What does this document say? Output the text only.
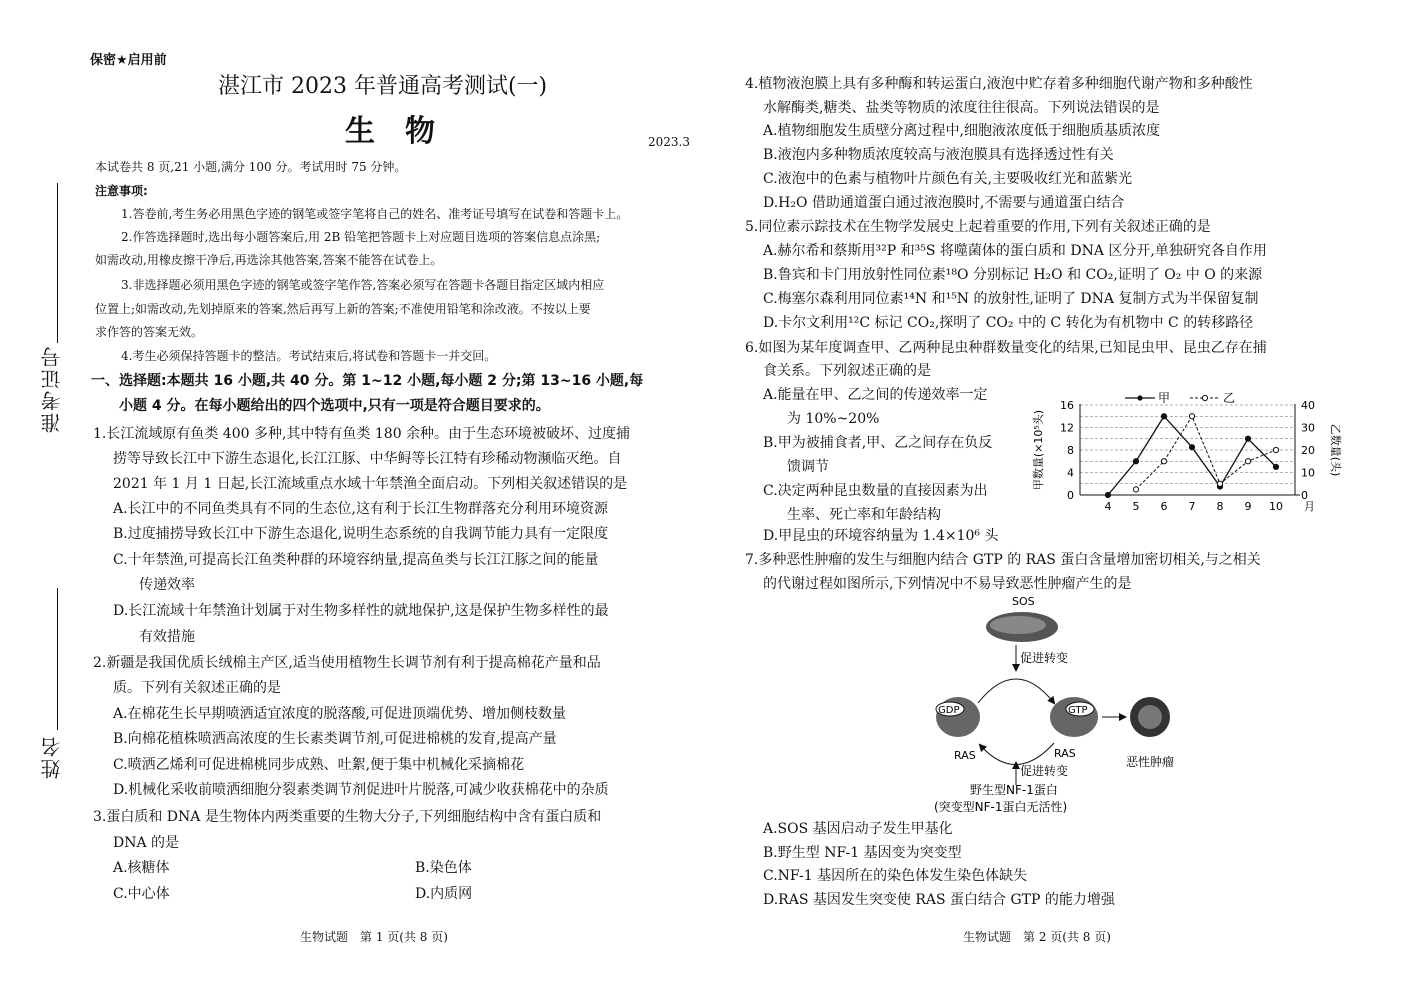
保密★启用前
湛江市 2023 年普通高考测试(一)
生　物	2023.3
本试卷共 8 页,21 小题,满分 100 分。考试用时 75 分钟。
注意事项:
1.答卷前,考生务必用黑色字迹的钢笔或签字笔将自己的姓名、准考证号填写在试卷和答题卡上。
2.作答选择题时,选出每小题答案后,用 2B 铅笔把答题卡上对应题目选项的答案信息点涂黑;
如需改动,用橡皮擦干净后,再选涂其他答案,答案不能答在试卷上。
3.非选择题必须用黑色字迹的钢笔或签字笔作答,答案必须写在答题卡各题目指定区域内相应
位置上;如需改动,先划掉原来的答案,然后再写上新的答案;不准使用铅笔和涂改液。不按以上要
求作答的答案无效。
4.考生必须保持答题卡的整洁。考试结束后,将试卷和答题卡一并交回。
一、选择题:本题共 16 小题,共 40 分。第 1~12 小题,每小题 2 分;第 13~16 小题,每
小题 4 分。在每小题给出的四个选项中,只有一项是符合题目要求的。
准考证号
姓名
1.长江流域原有鱼类 400 多种,其中特有鱼类 180 余种。由于生态环境被破坏、过度捕
捞等导致长江中下游生态退化,长江江豚、中华鲟等长江特有珍稀动物濒临灭绝。自
2021 年 1 月 1 日起,长江流域重点水域十年禁渔全面启动。下列相关叙述错误的是
A.长江中的不同鱼类具有不同的生态位,这有利于长江生物群落充分利用环境资源
B.过度捕捞导致长江中下游生态退化,说明生态系统的自我调节能力具有一定限度
C.十年禁渔,可提高长江鱼类种群的环境容纳量,提高鱼类与长江江豚之间的能量
传递效率
D.长江流域十年禁渔计划属于对生物多样性的就地保护,这是保护生物多样性的最
有效措施
2.新疆是我国优质长绒棉主产区,适当使用植物生长调节剂有利于提高棉花产量和品
质。下列有关叙述正确的是
A.在棉花生长早期喷洒适宜浓度的脱落酸,可促进顶端优势、增加侧枝数量
B.向棉花植株喷洒高浓度的生长素类调节剂,可促进棉桃的发育,提高产量
C.喷洒乙烯利可促进棉桃同步成熟、吐絮,便于集中机械化采摘棉花
D.机械化采收前喷洒细胞分裂素类调节剂促进叶片脱落,可减少收获棉花中的杂质
3.蛋白质和 DNA 是生物体内两类重要的生物大分子,下列细胞结构中含有蛋白质和
DNA 的是
A.核糖体	B.染色体
C.中心体	D.内质网
生物试题　第 1 页(共 8 页)
4.植物液泡膜上具有多种酶和转运蛋白,液泡中贮存着多种细胞代谢产物和多种酸性
水解酶类,糖类、盐类等物质的浓度往往很高。下列说法错误的是
A.植物细胞发生质壁分离过程中,细胞液浓度低于细胞质基质浓度
B.液泡内多种物质浓度较高与液泡膜具有选择透过性有关
C.液泡中的色素与植物叶片颜色有关,主要吸收红光和蓝紫光
D.H₂O 借助通道蛋白通过液泡膜时,不需要与通道蛋白结合
5.同位素示踪技术在生物学发展史上起着重要的作用,下列有关叙述正确的是
A.赫尔希和蔡斯用³²P 和³⁵S 将噬菌体的蛋白质和 DNA 区分开,单独研究各自作用
B.鲁宾和卡门用放射性同位素¹⁸O 分别标记 H₂O 和 CO₂,证明了 O₂ 中 O 的来源
C.梅塞尔森利用同位素¹⁴N 和¹⁵N 的放射性,证明了 DNA 复制方式为半保留复制
D.卡尔文利用¹²C 标记 CO₂,探明了 CO₂ 中的 C 转化为有机物中 C 的转移路径
6.如图为某年度调查甲、乙两种昆虫种群数量变化的结果,已知昆虫甲、昆虫乙存在捕
食关系。下列叙述正确的是
A.能量在甲、乙之间的传递效率一定
为 10%~20%
B.甲为被捕食者,甲、乙之间存在负反
馈调节
C.决定两种昆虫数量的直接因素为出
生率、死亡率和年龄结构
D.甲昆虫的环境容纳量为 1.4×10⁶ 头
0
4
8
12
16
0
10
20
30
40
4 5 6 7 8 9 10
甲数量(×10⁵头)	乙数量(头)
月
甲	乙
7.多种恶性肿瘤的发生与细胞内结合 GTP 的 RAS 蛋白含量增加密切相关,与之相关
的代谢过程如图所示,下列情况中不易导致恶性肿瘤产生的是
SOS
促进转变
GDP	GTP
RAS	RAS
恶性肿瘤
促进转变
野生型NF-1蛋白
(突变型NF-1蛋白无活性)
A.SOS 基因启动子发生甲基化
B.野生型 NF-1 基因变为突变型
C.NF-1 基因所在的染色体发生染色体缺失
D.RAS 基因发生突变使 RAS 蛋白结合 GTP 的能力增强
生物试题　第 2 页(共 8 页)
